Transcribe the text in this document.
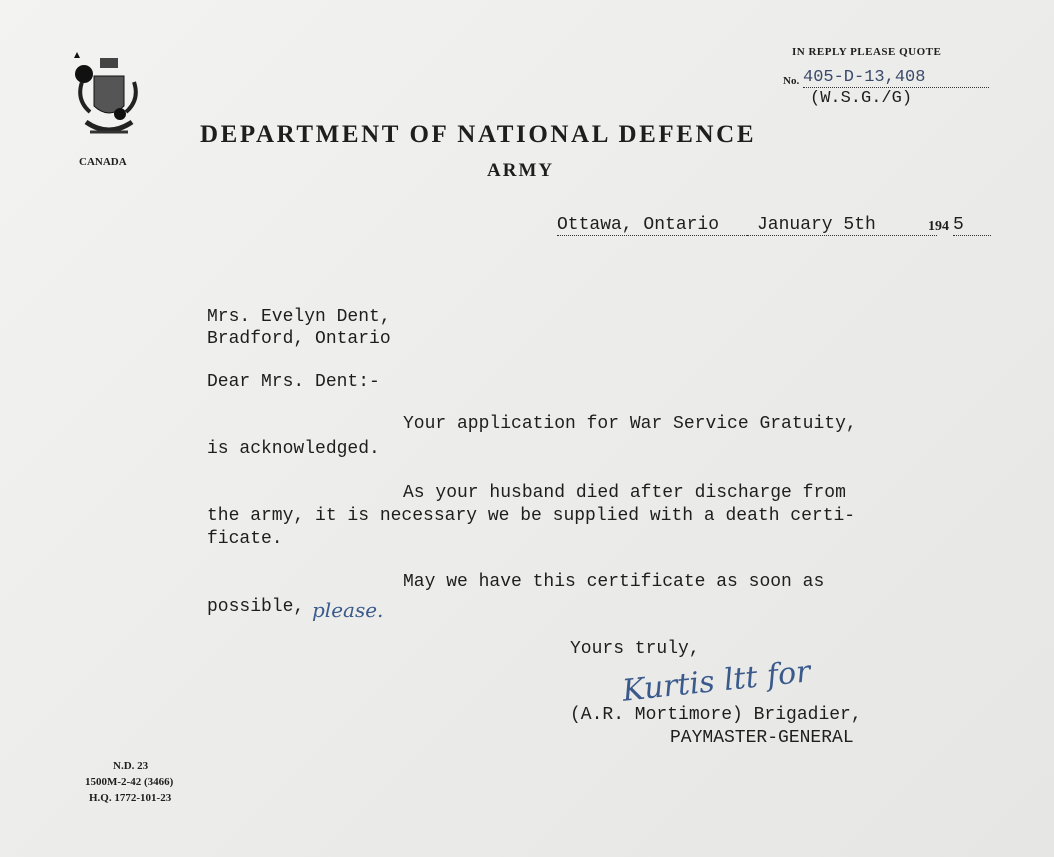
CANADA
DEPARTMENT OF NATIONAL DEFENCE
ARMY
IN REPLY PLEASE QUOTE
No. 405-D-13,408
(W.S.G./G)
Ottawa, Ontario	January 5th	194 5
Mrs. Evelyn Dent,
Bradford, Ontario
Dear Mrs. Dent:-
Your application for War Service Gratuity,
is acknowledged.
As your husband died after discharge from
the army, it is necessary we be supplied with a death certi-
ficate.
May we have this certificate as soon as
possible, please.
Yours truly,
Kurtis ltt for
(A.R. Mortimore) Brigadier,
PAYMASTER-GENERAL
N.D. 23
1500M-2-42 (3466)
H.Q. 1772-101-23
